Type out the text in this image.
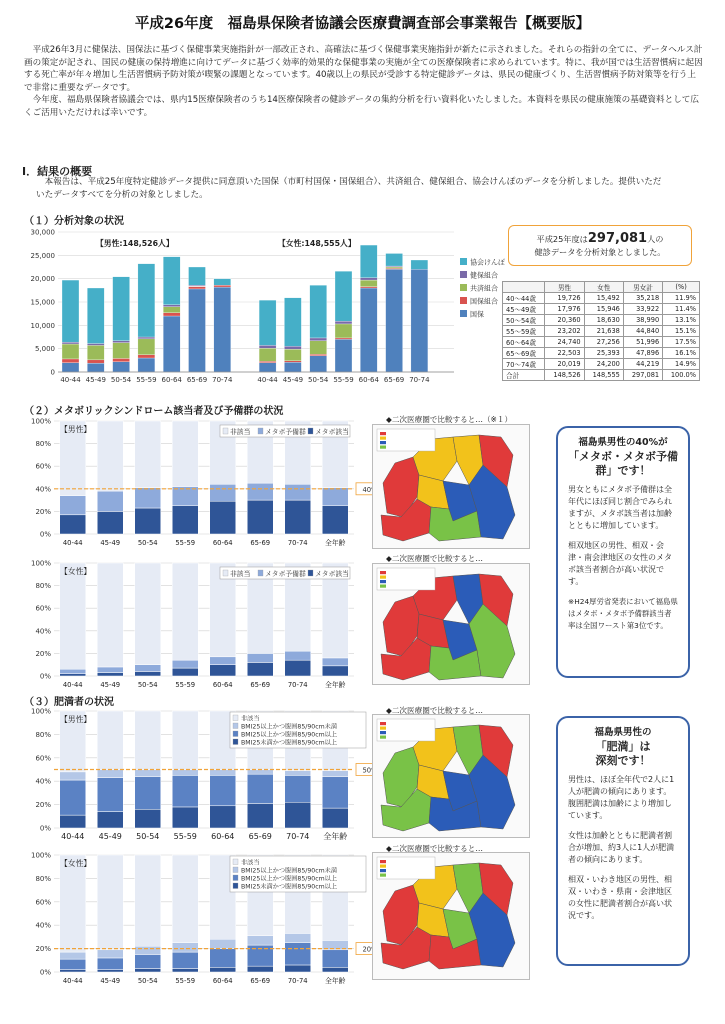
平成26年度　福島県保険者協議会医療費調査部会事業報告【概要版】

平成26年3月に健保法、国保法に基づく保健事業実施指針が一部改正され、高確法に基づく保健事業実施指針が新たに示されました。それらの指針の全てに、データヘルス計画の策定が記され、国民の健康の保持増進に向けてデータに基づく効率的効果的な保健事業の実施が全ての医療保険者に求められています。特に、我が国では生活習慣病に起因する死亡率が年々増加し生活習慣病予防対策が喫緊の課題となっています。40歳以上の県民が受診する特定健診データは、県民の健康づくり、生活習慣病予防対策等を行う上で非常に重要なデータです。

今年度、福島県保険者協議会では、県内15医療保険者のうち14医療保険者の健診データの集約分析を行い資料化いたしました。本資料を県民の健康施策の基礎資料として広くご活用いただければ幸いです。

Ⅰ．結果の概要
本報告は、平成25年度特定健診データ提供に同意頂いた国保（市町村国保・国保組合）、共済組合、健保組合、協会けんぽのデータを分析しました。提供いただいたデータすべてを分析の対象としました。
（１）分析対象の状況
0
5,000
10,000
15,000
20,000
25,000
30,000
40-44 45-49 50-54 55-59 60-64 65-69 70-74	40-44 45-49 50-54 55-59 60-64 65-69 70-74
協会けんぽ
健保組合
共済組合
国保組合
国保
【男性:148,526人】	【女性:148,555人】	平成25年度は297,081人の
健診データを分析対象としました。
	男性	女性	男女計	(%)
40～44歳	19,726	15,492	35,218	11.9%
45～49歳	17,976	15,946	33,922	11.4%
50～54歳	20,360	18,630	38,990	13.1%
55～59歳	23,202	21,638	44,840	15.1%
60～64歳	24,740	27,256	51,996	17.5%
65～69歳	22,503	25,393	47,896	16.1%
70～74歳	20,019	24,200	44,219	14.9%
合計	148,526	148,555	297,081	100.0%
（２）メタボリックシンドローム該当者及び予備群の状況
0%
20%
40%
60%
80%
100%
40-44	45-49	50-54	55-59	60-64	65-69	70-74	全年齢
40%
【男性】	非該当 メタボ予備群 メタボ該当
0%
20%
40%
60%
80%
100%
40-44	45-49	50-54	55-59	60-64	65-69	70-74	全年齢
【女性】	非該当 メタボ予備群 メタボ該当
◆二次医療圏で比較すると…（※１）
◆二次医療圏で比較すると…
福島県男性の40%が
「メタボ・メタボ予備群」です！

男女ともにメタボ予備群は全年代にほぼ同じ割合でみられますが、メタボ該当者は加齢とともに増加しています。

相双地区の男性、相双・会津・南会津地区の女性のメタボ該当者割合が高い状況です。

※H24厚労省発表において福島県はメタボ・メタボ予備群該当者率は全国ワースト第3位です。

（３）肥満者の状況
0%
20%
40%
60%
80%
100%
40-44 45-49 50-54 55-59 60-64 65-69 70-74 全年齢
50%
【男性】	非該当
BMI25以上かつ腹囲85/90cm未満
BMI25以上かつ腹囲85/90cm以上
BMI25未満かつ腹囲85/90cm以上
0%
20%
40%
60%
80%
100%
40-44	45-49	50-54	55-59	60-64	65-69	70-74	全年齢
20%
【女性】	非該当
BMI25以上かつ腹囲85/90cm未満
BMI25以上かつ腹囲85/90cm以上
BMI25未満かつ腹囲85/90cm以上
◆二次医療圏で比較すると…
◆二次医療圏で比較すると…
福島県男性の
「肥満」は
深刻です！

男性は、ほぼ全年代で2人に1人が肥満の傾向にあります。腹囲肥満は加齢により増加しています。

女性は加齢とともに肥満者割合が増加、約3人に1人が肥満者の傾向にあります。

相双・いわき地区の男性、相双・いわき・県南・会津地区の女性に肥満者割合が高い状況です。
